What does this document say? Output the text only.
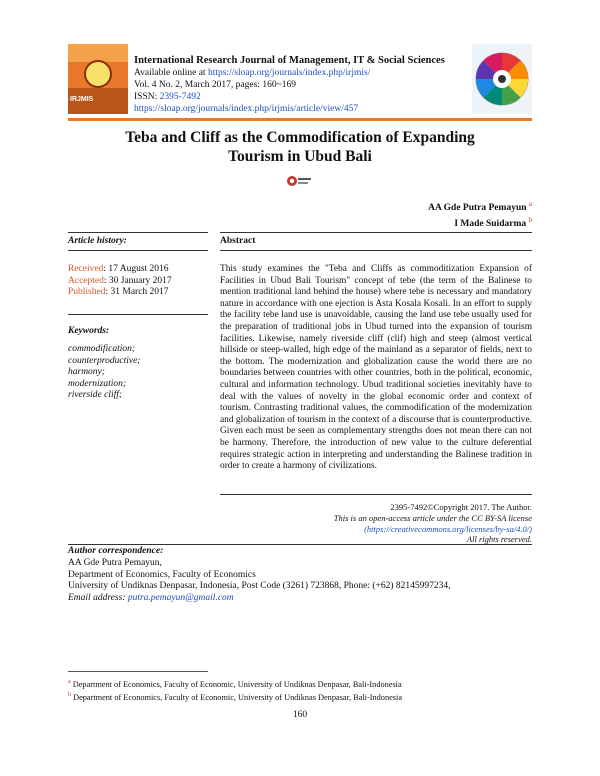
IRJMIS
International Research Journal of Management, IT & Social Sciences
Available online at https://sloap.org/journals/index.php/irjmis/
Vol. 4 No. 2, March 2017, pages: 160~169
ISSN: 2395-7492
https://sloap.org/journals/index.php/irjmis/article/view/457
Teba and Cliff as the Commodification of Expanding
Tourism in Ubud Bali
AA Gde Putra Pemayun $^a$
I Made Suidarma $^b$
Article history:	Abstract
Received: 17 August 2016
Accepted: 30 January 2017
Published: 31 March 2017
Keywords:
commodification;
counterproductive;
harmony;
modernization;
riverside cliff;
This study examines the "Teba and Cliffs as commoditization Expansion of Facilities in Ubud Bali Tourism" concept of tebe (the term of the Balinese to mention traditional land behind the house) where tebe is necessary and mandatory nature in accordance with one ejection is Asta Kosala Kosali. In an effort to supply the facility tebe land use is unavoidable, causing the land use tebe usually used for the preparation of traditional jobs in Ubud turned into the expansion of tourism facilities. Likewise, namely riverside cliff (clif) high and steep (almost vertical hillside or steep-walled, high edge of the mainland as a separator of fields, next to the bottom. The modernization and globalization cause the world there are no boundaries between countries with other countries, both in the political, economic, cultural and information technology. Ubud traditional societies inevitably have to deal with the values of novelty in the global economic order and context of tourism. Contrasting traditional values, the commodification of the modernization and globalization of tourism in the context of a discourse that is counterproductive. Given each must be seen as complementary strengths does not mean there can not be harmony. Therefore, the introduction of new value to the culture deferential requires strategic action in interpreting and understanding the Balinese tradition in order to create a harmony of civilizations.
2395-7492©Copyright 2017. The Author.
This is an open-access article under the CC BY-SA license
(https://creativecommons.org/licenses/by-sa/4.0/)
All rights reserved.
Author correspondence:
AA Gde Putra Pemayun,
Department of Economics, Faculty of Economics
University of Undiknas Denpasar, Indonesia, Post Code (3261) 723868, Phone: (+62) 82145997234,
Email address: putra.pemayun@gmail.com
$^a$ Department of Economics, Faculty of Economic, University of Undiknas Denpasar, Bali-Indonesia
$^b$ Department of Economics, Faculty of Economic, University of Undiknas Denpasar, Bali-Indonesia
160
